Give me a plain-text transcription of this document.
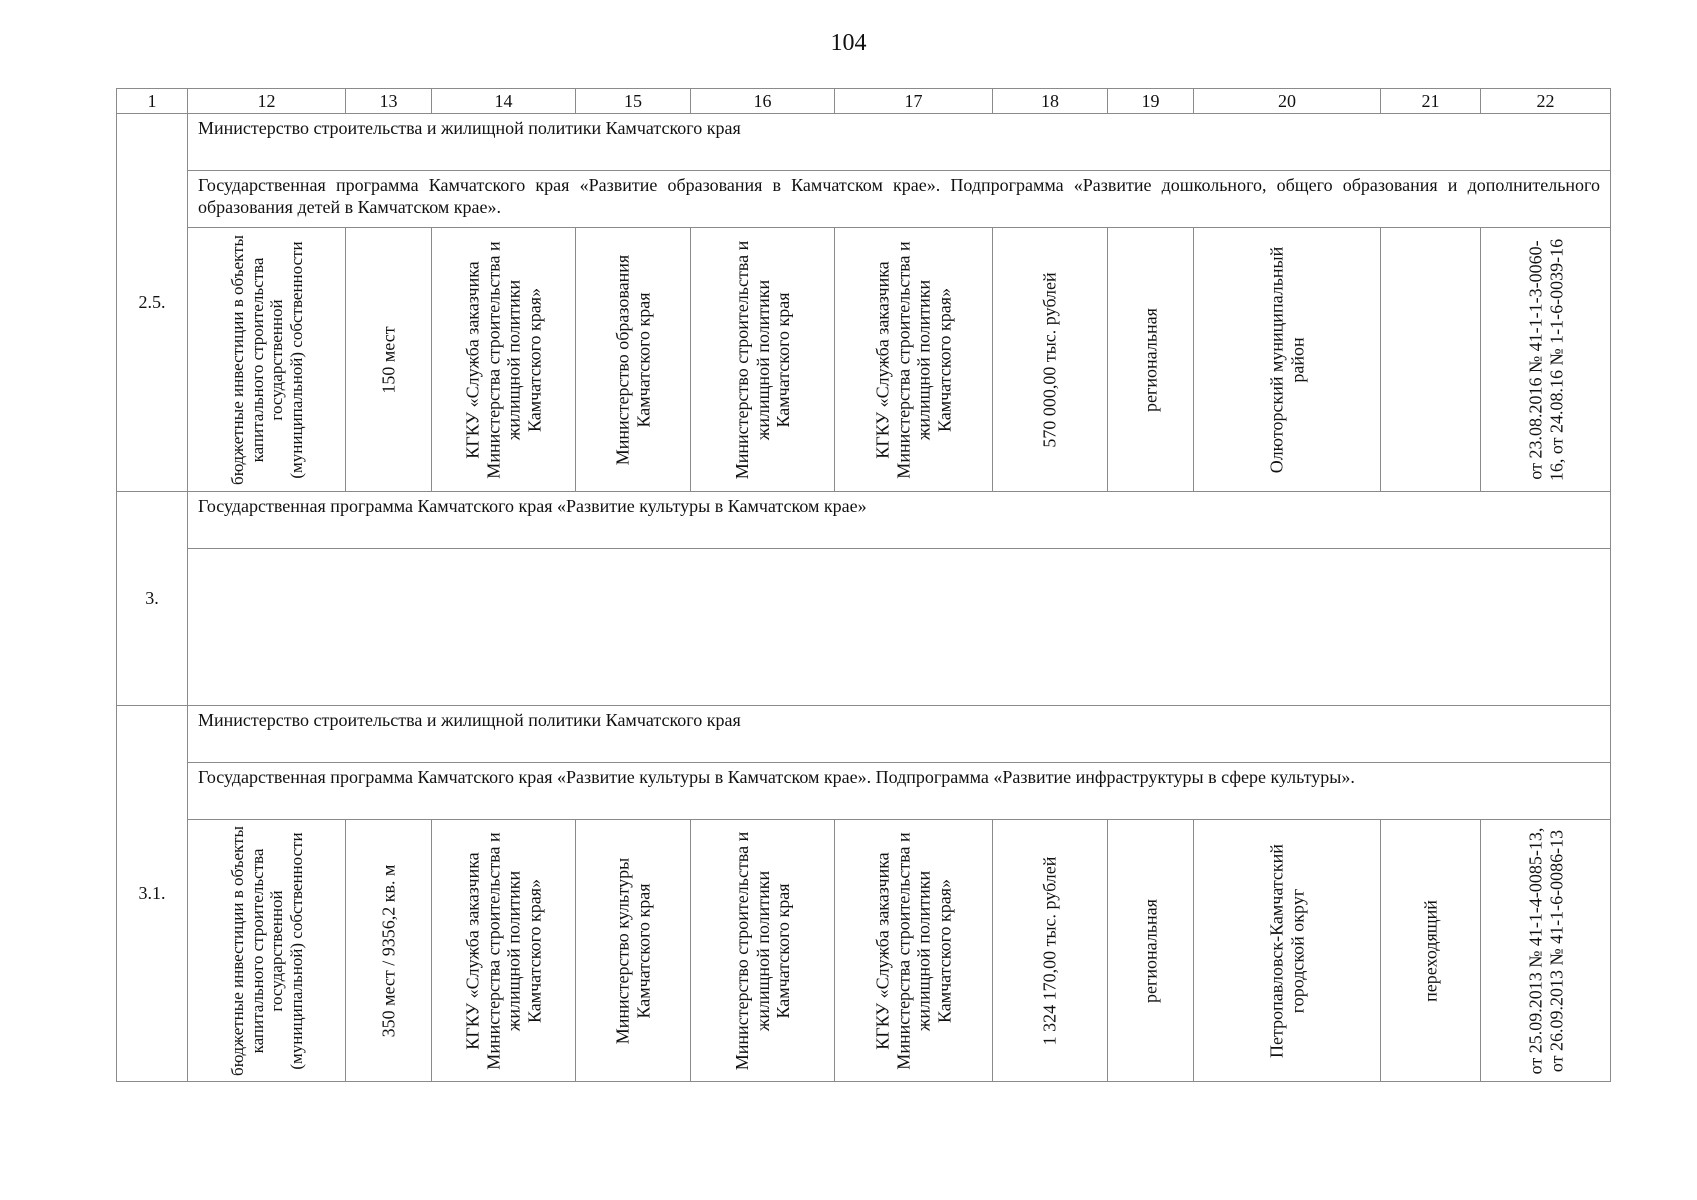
104
1	12	13	14	15	16	17	18	19	20	21	22
2.5.	Министерство строительства и жилищной политики Камчатского края										
	Государственная программа Камчатского края «Развитие образования в Камчатском крае». Подпрограмма «Развитие дошкольного, общего образования и дополнительного образования детей в Камчатском крае».										

	бюджетные инвестиции в объекты капитального строительства государственной (муниципальной) собственности	150 мест	КГКУ «Служба заказчика Министерства строительства и жилищной политики Камчатского края»	Министерство образования Камчатского края	Министерство строительства и жилищной политики Камчатского края	КГКУ «Служба заказчика Министерства строительства и жилищной политики Камчатского края»	570 000,00 тыс. рублей	региональная	Олюторский муниципальный район		от 23.08.2016 № 41-1-1-3-0060-16, от 24.08.16 № 1-1-6-0039-16

3.	Государственная программа Камчатского края «Развитие культуры в Камчатском крае»										

3.1.	Министерство строительства и жилищной политики Камчатского края										
	Государственная программа Камчатского края «Развитие культуры в Камчатском крае». Подпрограмма «Развитие инфраструктуры в сфере культуры».										

	бюджетные инвестиции в объекты капитального строительства государственной (муниципальной) собственности	350 мест / 9356,2 кв. м	КГКУ «Служба заказчика Министерства строительства и жилищной политики Камчатского края»	Министерство культуры Камчатского края	Министерство строительства и жилищной политики Камчатского края	КГКУ «Служба заказчика Министерства строительства и жилищной политики Камчатского края»	1 324 170,00 тыс. рублей	региональная	Петропавловск-Камчатский городской округ	переходящий	от 25.09.2013 № 41-1-4-0085-13, от 26.09.2013 № 41-1-6-0086-13
